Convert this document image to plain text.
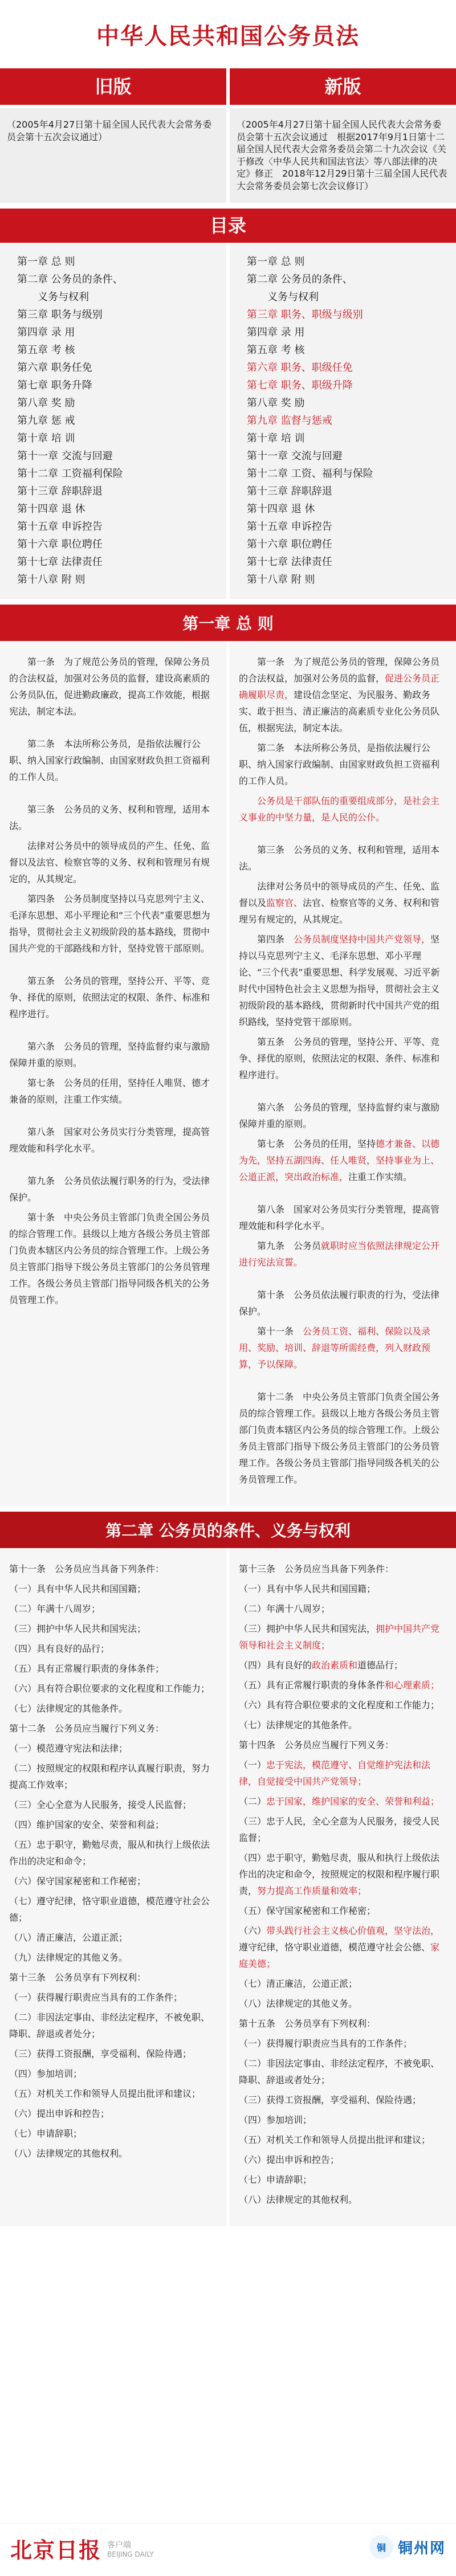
中华人民共和国公务员法
旧版	新版
（2005年4月27日第十届全国人民代表大会常务委员会第十五次会议通过）
（2005年4月27日第十届全国人民代表大会常务委员会第十五次会议通过　根据2017年9月1日第十二届全国人民代表大会常务委员会第二十九次会议《关于修改〈中华人民共和国法官法〉等八部法律的决定》修正　2018年12月29日第十三届全国人民代表大会常务委员会第七次会议修订）
目录
第一章 总 则
第二章 公务员的条件、
义务与权利
第三章 职务与级别
第四章 录 用
第五章 考 核
第六章 职务任免
第七章 职务升降
第八章 奖 励
第九章 惩 戒
第十章 培 训
第十一章 交流与回避
第十二章 工资福利保险
第十三章 辞职辞退
第十四章 退 休
第十五章 申诉控告
第十六章 职位聘任
第十七章 法律责任
第十八章 附 则
第一章 总 则
第二章 公务员的条件、
义务与权利
第三章 职务、职级与级别
第四章 录 用
第五章 考 核
第六章 职务、职级任免
第七章 职务、职级升降
第八章 奖 励
第九章 监督与惩戒
第十章 培 训
第十一章 交流与回避
第十二章 工资、福利与保险
第十三章 辞职辞退
第十四章 退 休
第十五章 申诉控告
第十六章 职位聘任
第十七章 法律责任
第十八章 附 则
第一章 总 则
第一条　为了规范公务员的管理，保障公务员的合法权益，加强对公务员的监督，建设高素质的公务员队伍，促进勤政廉政，提高工作效能，根据宪法，制定本法。
第二条　本法所称公务员，是指依法履行公职、纳入国家行政编制、由国家财政负担工资福利的工作人员。
第三条　公务员的义务、权利和管理，适用本法。
法律对公务员中的领导成员的产生、任免、监督以及法官、检察官等的义务、权利和管理另有规定的，从其规定。
第四条　公务员制度坚持以马克思列宁主义、毛泽东思想、邓小平理论和“三个代表”重要思想为指导，贯彻社会主义初级阶段的基本路线，贯彻中国共产党的干部路线和方针，坚持党管干部原则。
第五条　公务员的管理，坚持公开、平等、竞争、择优的原则，依照法定的权限、条件、标准和程序进行。
第六条　公务员的管理，坚持监督约束与激励保障并重的原则。
第七条　公务员的任用，坚持任人唯贤、德才兼备的原则，注重工作实绩。
第八条　国家对公务员实行分类管理，提高管理效能和科学化水平。
第九条　公务员依法履行职务的行为，受法律保护。
第十条　中央公务员主管部门负责全国公务员的综合管理工作。县级以上地方各级公务员主管部门负责本辖区内公务员的综合管理工作。上级公务员主管部门指导下级公务员主管部门的公务员管理工作。各级公务员主管部门指导同级各机关的公务员管理工作。
第一条　为了规范公务员的管理，保障公务员的合法权益，加强对公务员的监督，促进公务员正确履职尽责，建设信念坚定、为民服务、勤政务实、敢于担当、清正廉洁的高素质专业化公务员队伍，根据宪法，制定本法。
第二条　本法所称公务员，是指依法履行公职、纳入国家行政编制、由国家财政负担工资福利的工作人员。
公务员是干部队伍的重要组成部分，是社会主义事业的中坚力量，是人民的公仆。
第三条　公务员的义务、权利和管理，适用本法。
法律对公务员中的领导成员的产生、任免、监督以及监察官、法官、检察官等的义务、权利和管理另有规定的，从其规定。
第四条　公务员制度坚持中国共产党领导，坚持以马克思列宁主义、毛泽东思想、邓小平理论、“三个代表”重要思想、科学发展观、习近平新时代中国特色社会主义思想为指导，贯彻社会主义初级阶段的基本路线，贯彻新时代中国共产党的组织路线，坚持党管干部原则。
第五条　公务员的管理，坚持公开、平等、竞争、择优的原则，依照法定的权限、条件、标准和程序进行。
第六条　公务员的管理，坚持监督约束与激励保障并重的原则。
第七条　公务员的任用，坚持德才兼备、以德为先，坚持五湖四海、任人唯贤，坚持事业为上、公道正派，突出政治标准，注重工作实绩。
第八条　国家对公务员实行分类管理，提高管理效能和科学化水平。
第九条　公务员就职时应当依照法律规定公开进行宪法宣誓。
第十条　公务员依法履行职责的行为，受法律保护。
第十一条　公务员工资、福利、保险以及录用、奖励、培训、辞退等所需经费，列入财政预算，予以保障。
第十二条　中央公务员主管部门负责全国公务员的综合管理工作。县级以上地方各级公务员主管部门负责本辖区内公务员的综合管理工作。上级公务员主管部门指导下级公务员主管部门的公务员管理工作。各级公务员主管部门指导同级各机关的公务员管理工作。
第二章 公务员的条件、义务与权利
第十一条　公务员应当具备下列条件：
（一）具有中华人民共和国国籍；
（二）年满十八周岁；
（三）拥护中华人民共和国宪法；
（四）具有良好的品行；
（五）具有正常履行职责的身体条件；
（六）具有符合职位要求的文化程度和工作能力；
（七）法律规定的其他条件。
第十二条　公务员应当履行下列义务：
（一）模范遵守宪法和法律；
（二）按照规定的权限和程序认真履行职责，努力提高工作效率；
（三）全心全意为人民服务，接受人民监督；
（四）维护国家的安全、荣誉和利益；
（五）忠于职守，勤勉尽责，服从和执行上级依法作出的决定和命令；
（六）保守国家秘密和工作秘密；
（七）遵守纪律，恪守职业道德，模范遵守社会公德；
（八）清正廉洁，公道正派；
（九）法律规定的其他义务。
第十三条　公务员享有下列权利：
（一）获得履行职责应当具有的工作条件；
（二）非因法定事由、非经法定程序，不被免职、降职、辞退或者处分；
（三）获得工资报酬，享受福利、保险待遇；
（四）参加培训；
（五）对机关工作和领导人员提出批评和建议；
（六）提出申诉和控告；
（七）申请辞职；
（八）法律规定的其他权利。
第十三条　公务员应当具备下列条件：
（一）具有中华人民共和国国籍；
（二）年满十八周岁；
（三）拥护中华人民共和国宪法，拥护中国共产党领导和社会主义制度；
（四）具有良好的政治素质和道德品行；
（五）具有正常履行职责的身体条件和心理素质；
（六）具有符合职位要求的文化程度和工作能力；
（七）法律规定的其他条件。
第十四条　公务员应当履行下列义务：
（一）忠于宪法，模范遵守、自觉维护宪法和法律，自觉接受中国共产党领导；
（二）忠于国家，维护国家的安全、荣誉和利益；
（三）忠于人民，全心全意为人民服务，接受人民监督；
（四）忠于职守，勤勉尽责，服从和执行上级依法作出的决定和命令，按照规定的权限和程序履行职责，努力提高工作质量和效率；
（五）保守国家秘密和工作秘密；
（六）带头践行社会主义核心价值观，坚守法治，遵守纪律，恪守职业道德，模范遵守社会公德、家庭美德；
（七）清正廉洁，公道正派；
（八）法律规定的其他义务。
第十五条　公务员享有下列权利：
（一）获得履行职责应当具有的工作条件；
（二）非因法定事由、非经法定程序，不被免职、降职、辞退或者处分；
（三）获得工资报酬，享受福利、保险待遇；
（四）参加培训；
（五）对机关工作和领导人员提出批评和建议；
（六）提出申诉和控告；
（七）申请辞职；
（八）法律规定的其他权利。
北京日报 客户端
BEIJING DAILY
铜 铜州网
